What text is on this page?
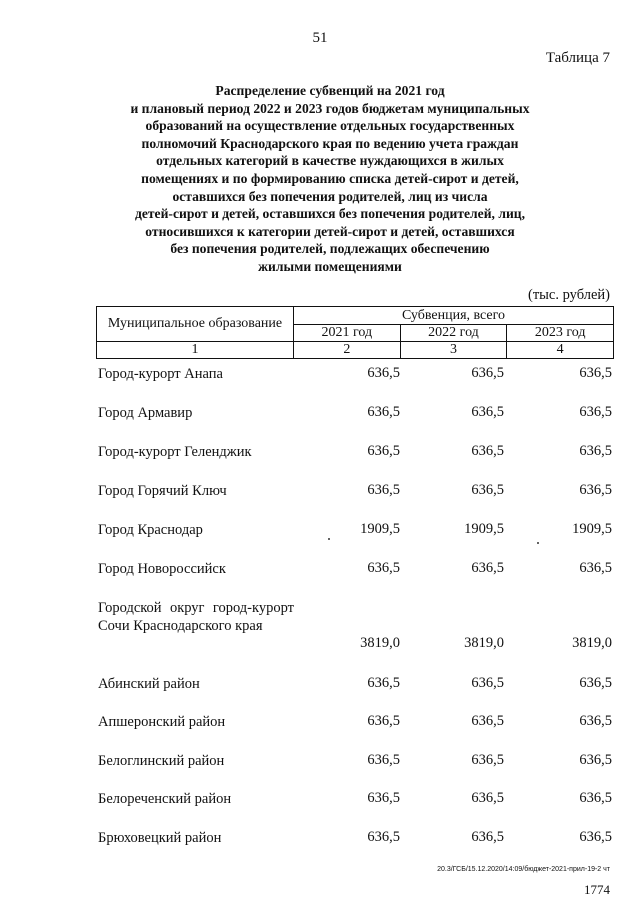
51
Таблица 7
Распределение субвенций на 2021 год
и плановый период 2022 и 2023 годов бюджетам муниципальных
образований на осуществление отдельных государственных
полномочий Краснодарского края по ведению учета граждан
отдельных категорий в качестве нуждающихся в жилых
помещениях и по формированию списка детей-сирот и детей,
оставшихся без попечения родителей, лиц из числа
детей-сирот и детей, оставшихся без попечения родителей, лиц,
относившихся к категории детей-сирот и детей, оставшихся
без попечения родителей, подлежащих обеспечению
жилыми помещениями
(тыс. рублей)
Муниципальное образование	Субвенция, всего		
	2021 год	2022 год	2023 год
1	2	3	4
Город-курорт Анапа	636,5	636,5	636,5
Город Армавир	636,5	636,5	636,5
Город-курорт Геленджик	636,5	636,5	636,5
Город Горячий Ключ	636,5	636,5	636,5
Город Краснодар	1909,5	1909,5	1909,5
Город Новороссийск	636,5	636,5	636,5
Городской округ город-курорт Сочи Краснодарского края
3819,0	3819,0	3819,0
Абинский район	636,5	636,5	636,5
Апшеронский район	636,5	636,5	636,5
Белоглинский район	636,5	636,5	636,5
Белореченский район	636,5	636,5	636,5
Брюховецкий район	636,5	636,5	636,5
20.3/ГСБ/15.12.2020/14:09/бюджет-2021-прил-19-2 чт
1774
